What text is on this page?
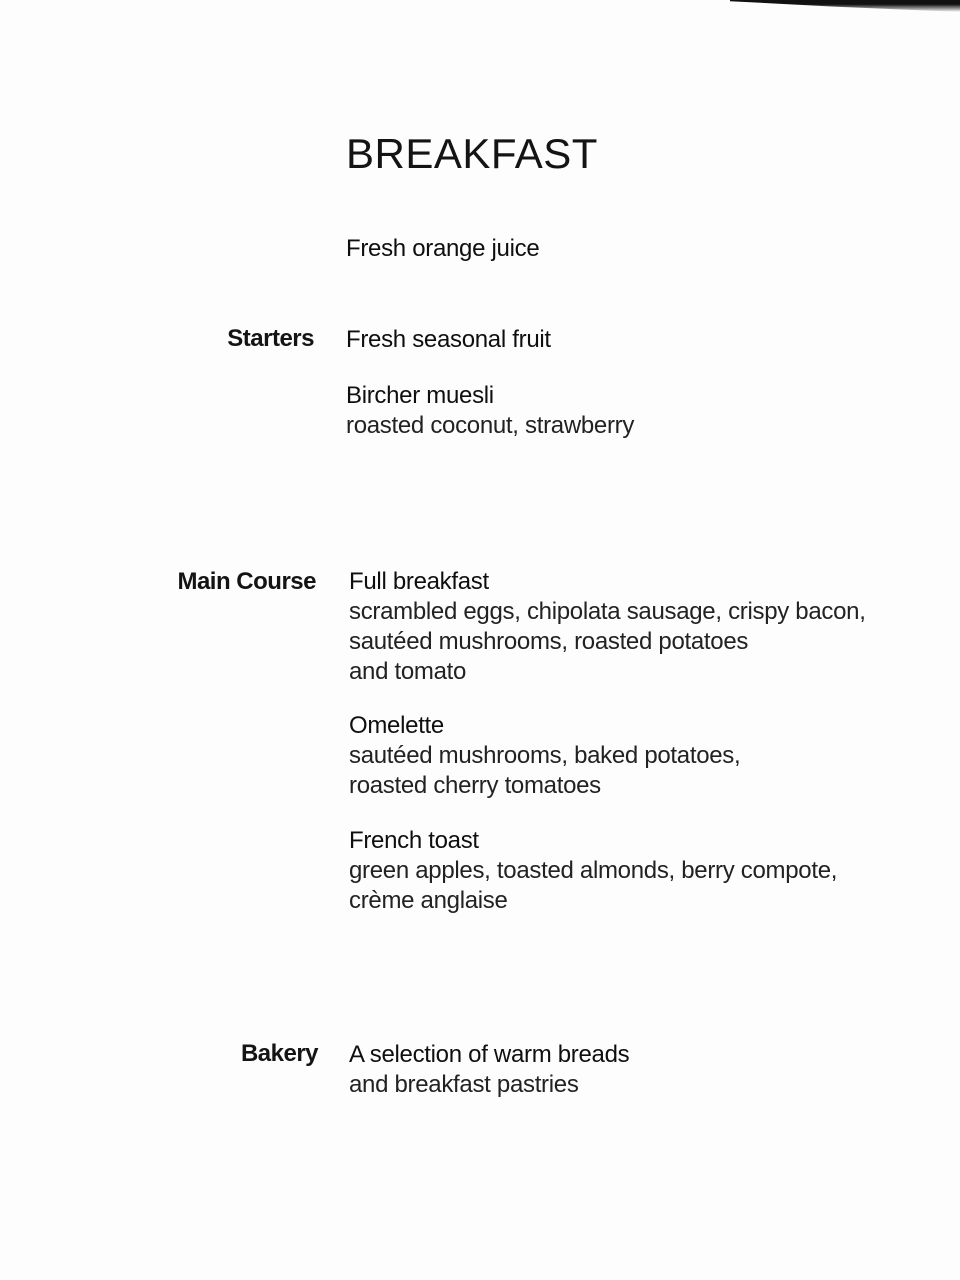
BREAKFAST
Fresh orange juice
Starters Fresh seasonal fruit
Bircher muesli
roasted coconut, strawberry
Main Course Full breakfast
scrambled eggs, chipolata sausage, crispy bacon,
sautéed mushrooms, roasted potatoes
and tomato
Omelette
sautéed mushrooms, baked potatoes,
roasted cherry tomatoes
French toast
green apples, toasted almonds, berry compote,
crème anglaise
Bakery A selection of warm breads
and breakfast pastries
